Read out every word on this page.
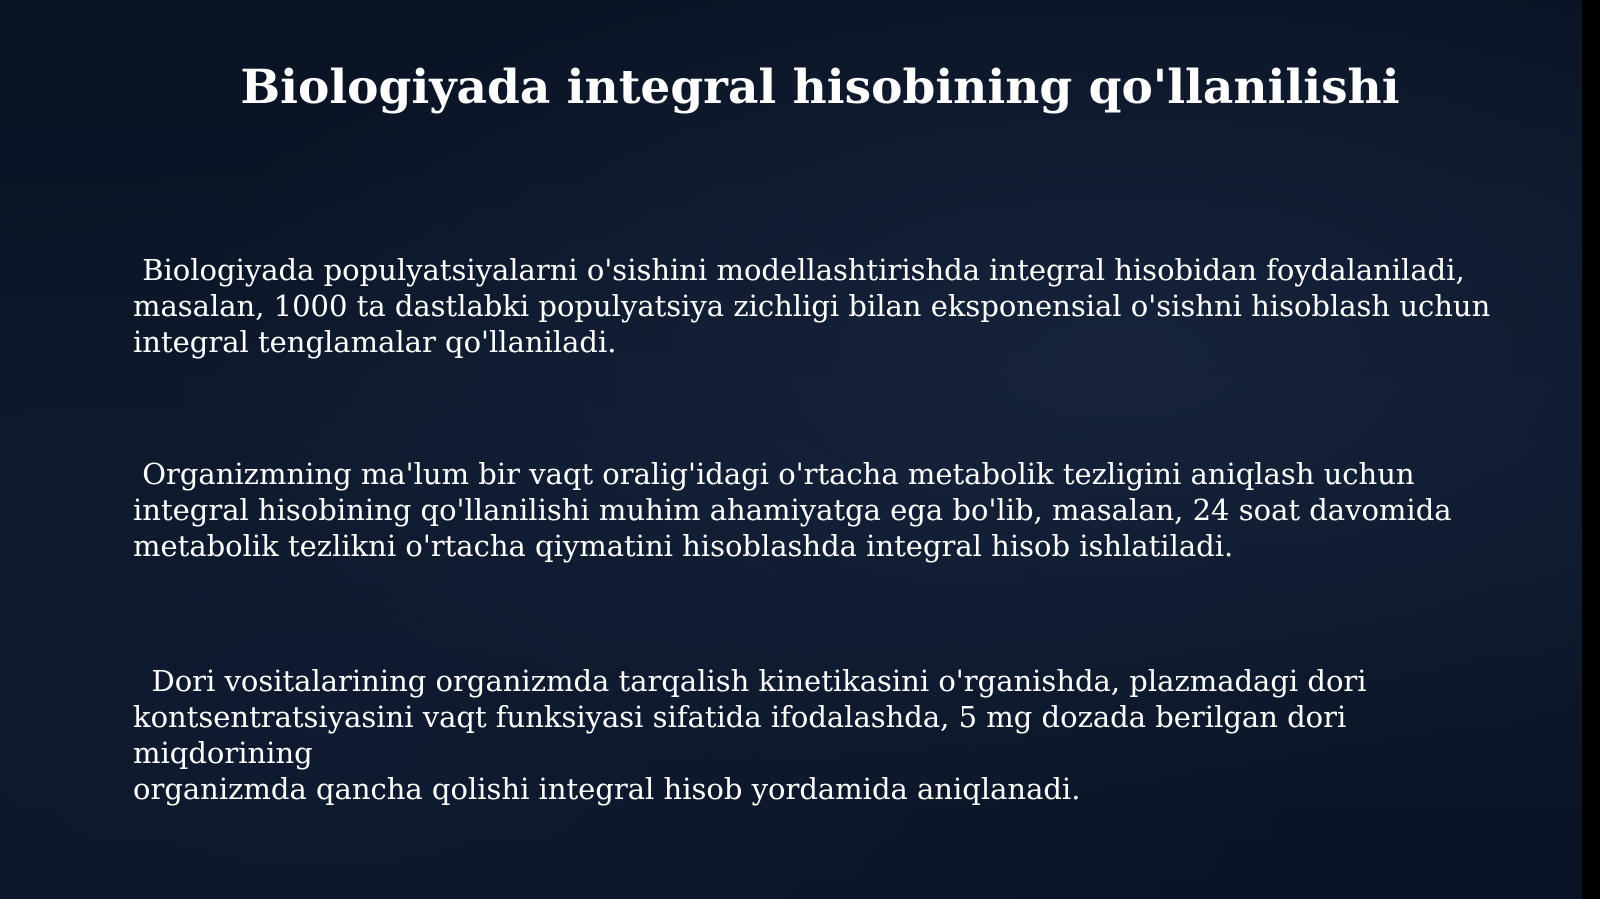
Biologiyada integral hisobining qo'llanilishi

Biologiyada populyatsiyalarni o'sishini modellashtirishda integral hisobidan foydalaniladi,
masalan, 1000 ta dastlabki populyatsiya zichligi bilan eksponensial o'sishni hisoblash uchun
integral tenglamalar qo'llaniladi.

Organizmning ma'lum bir vaqt oralig'idagi o'rtacha metabolik tezligini aniqlash uchun
integral hisobining qo'llanilishi muhim ahamiyatga ega bo'lib, masalan, 24 soat davomida
metabolik tezlikni o'rtacha qiymatini hisoblashda integral hisob ishlatiladi.

Dori vositalarining organizmda tarqalish kinetikasini o'rganishda, plazmadagi dori
kontsentratsiyasini vaqt funksiyasi sifatida ifodalashda, 5 mg dozada berilgan dori miqdorining
organizmda qancha qolishi integral hisob yordamida aniqlanadi.
